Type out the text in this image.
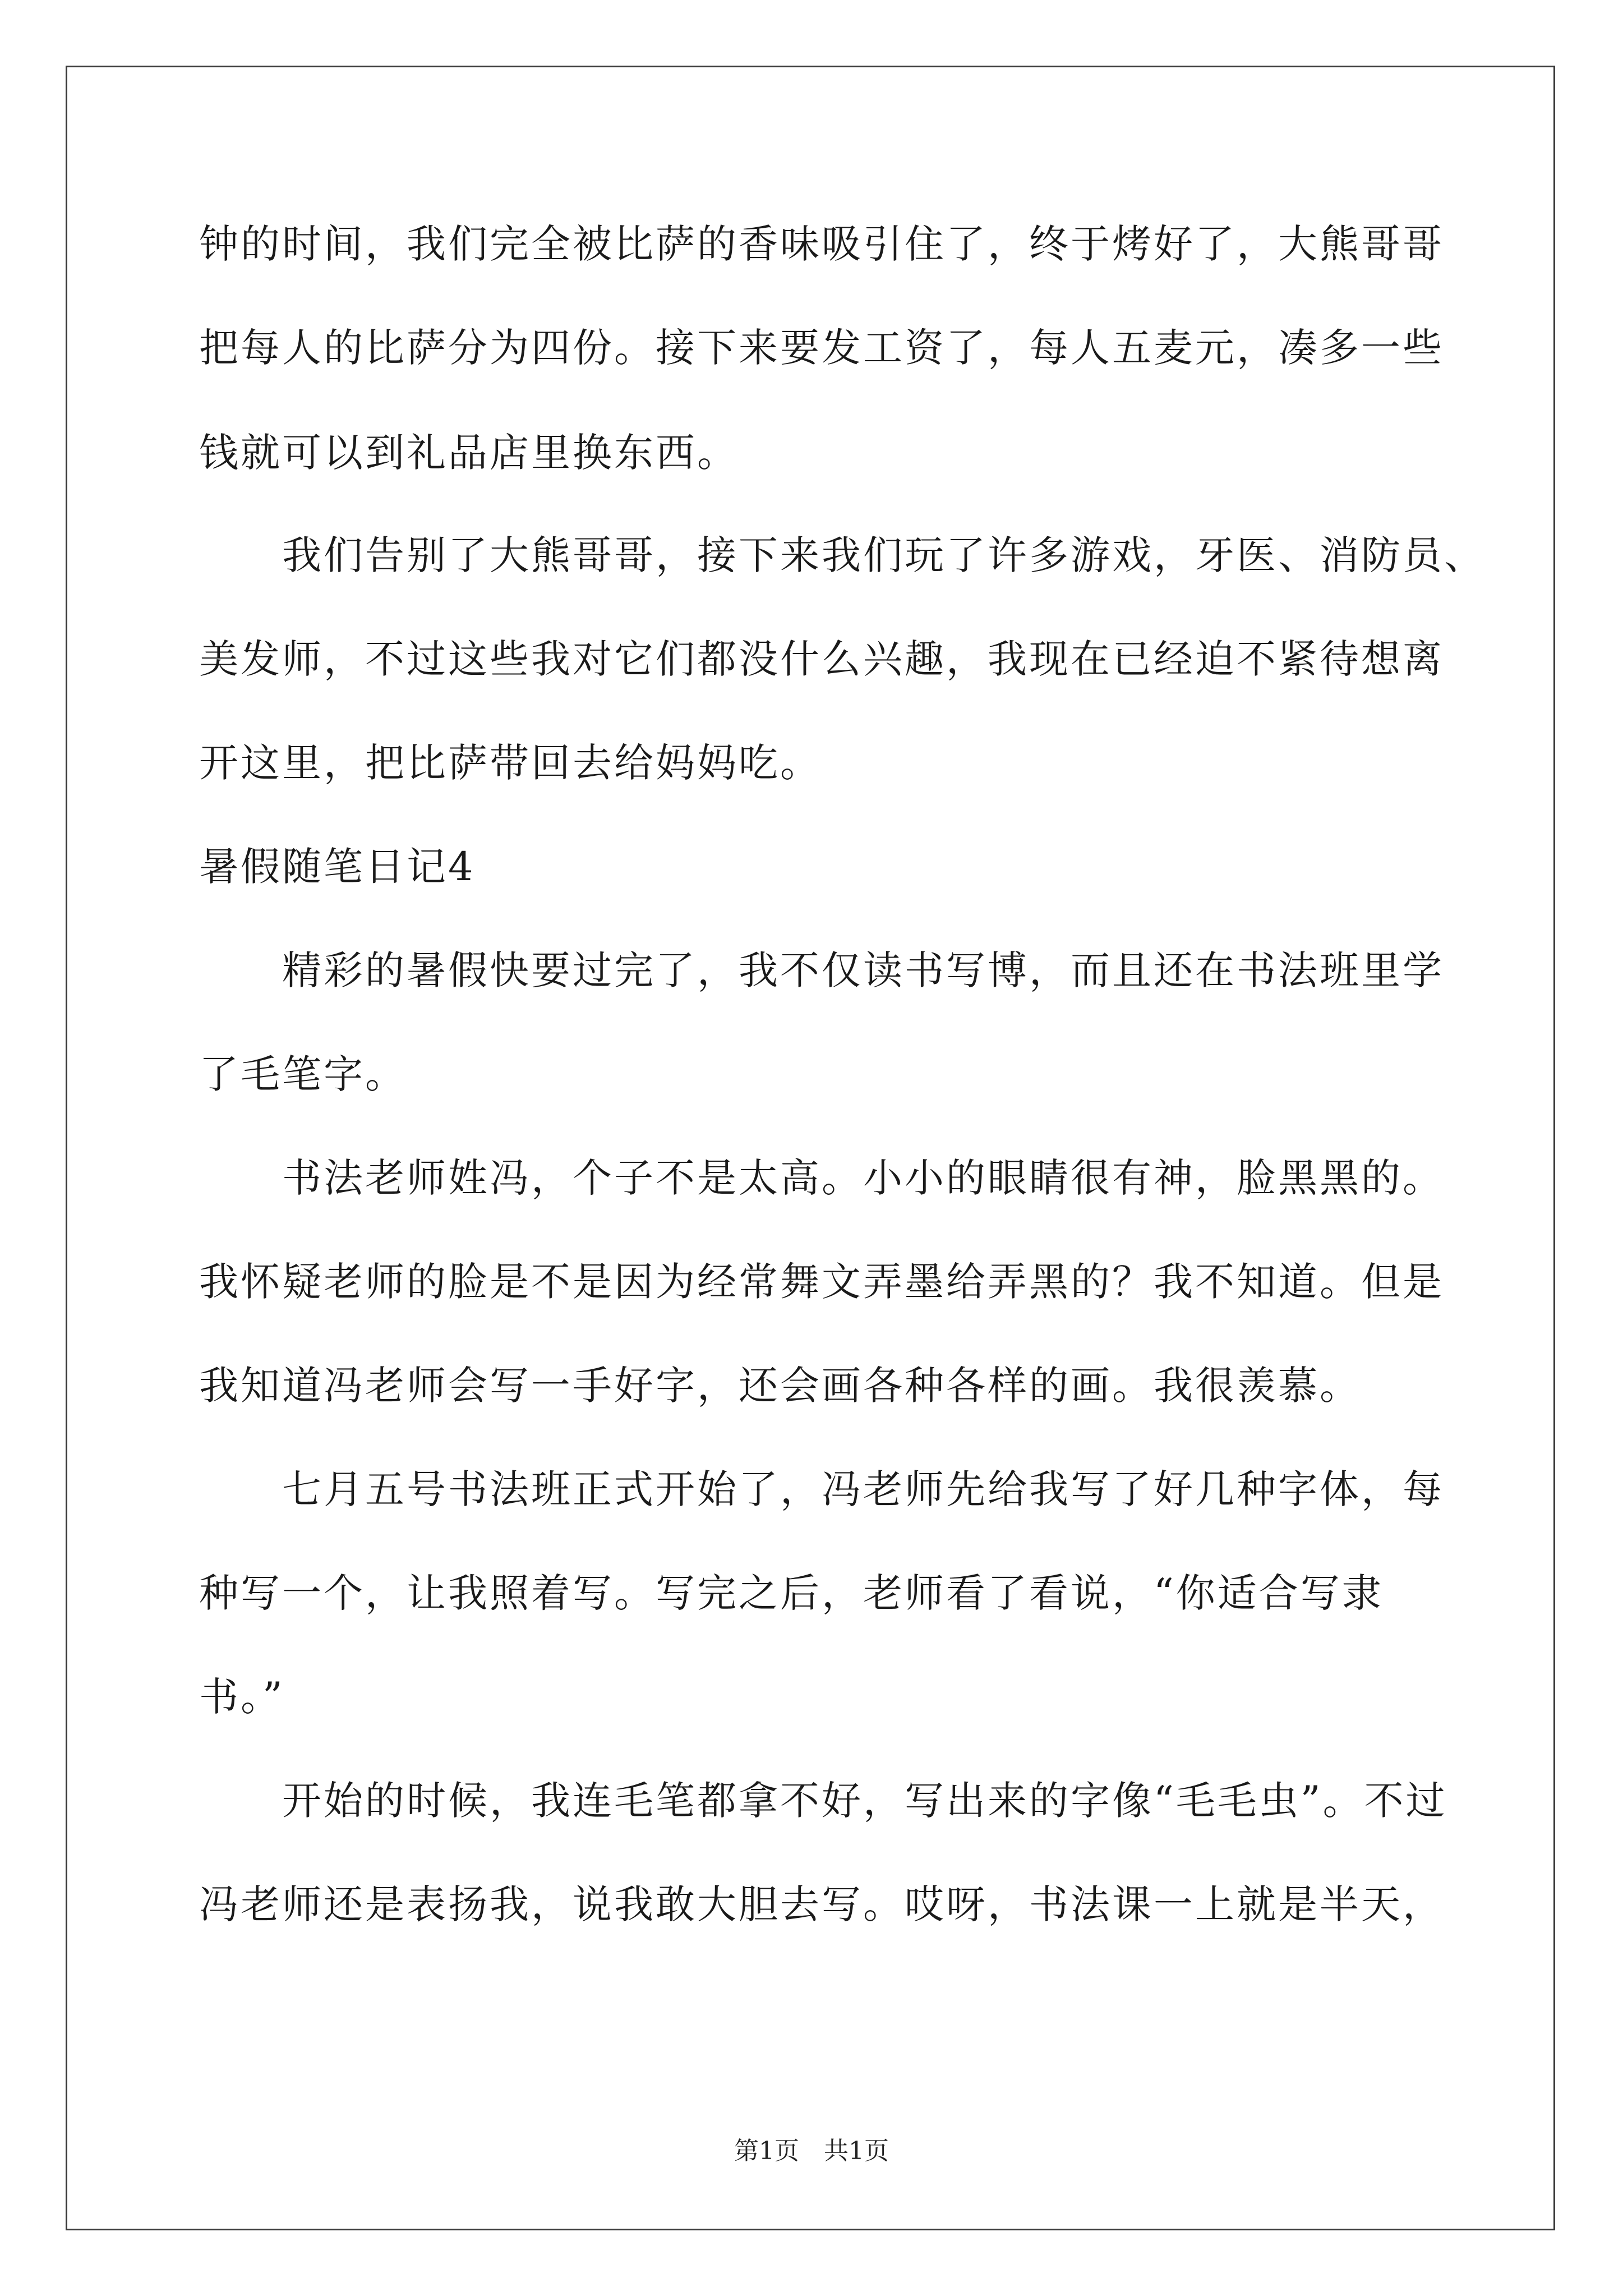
钟的时间，我们完全被比萨的香味吸引住了，终于烤好了，大熊哥哥
把每人的比萨分为四份。接下来要发工资了，每人五麦元，凑多一些
钱就可以到礼品店里换东西。
　　我们告别了大熊哥哥，接下来我们玩了许多游戏，牙医、消防员、
美发师，不过这些我对它们都没什么兴趣，我现在已经迫不紧待想离
开这里，把比萨带回去给妈妈吃。
暑假随笔日记4
　　精彩的暑假快要过完了，我不仅读书写博，而且还在书法班里学
了毛笔字。
　　书法老师姓冯，个子不是太高。小小的眼睛很有神，脸黑黑的。
我怀疑老师的脸是不是因为经常舞文弄墨给弄黑的？我不知道。但是
我知道冯老师会写一手好字，还会画各种各样的画。我很羡慕。
　　七月五号书法班正式开始了，冯老师先给我写了好几种字体，每
种写一个，让我照着写。写完之后，老师看了看说，“你适合写隶
书。”
　　开始的时候，我连毛笔都拿不好，写出来的字像“毛毛虫”。不过
冯老师还是表扬我，说我敢大胆去写。哎呀，书法课一上就是半天，
第1页　共1页
